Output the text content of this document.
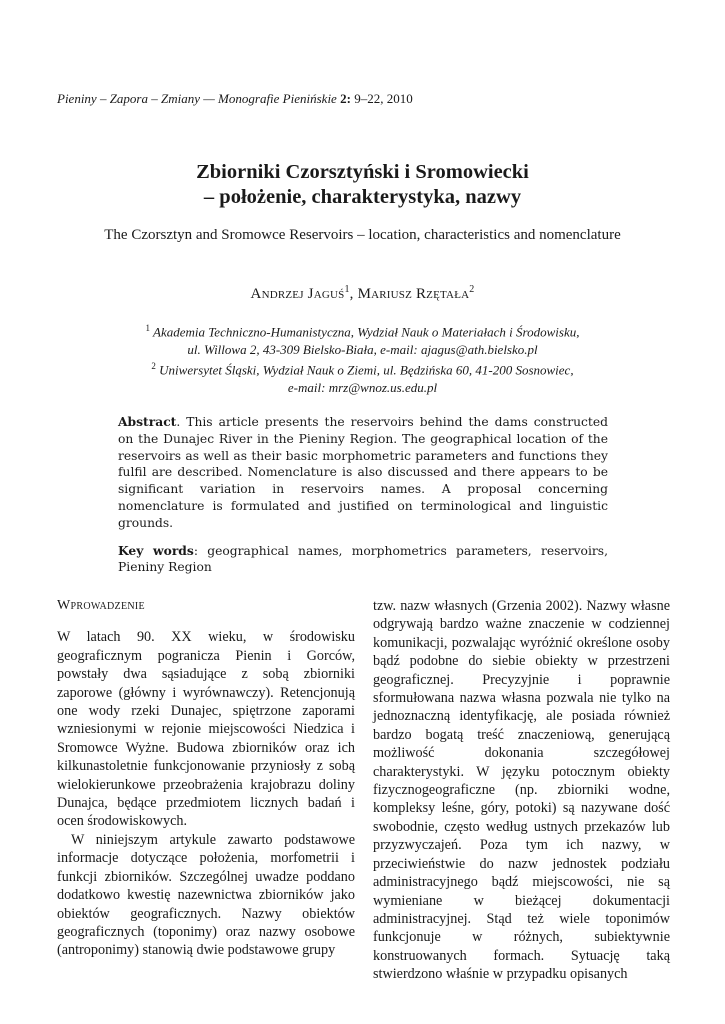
Pieniny – Zapora – Zmiany — Monografie Pienińskie 2: 9–22, 2010
Zbiorniki Czorsztyński i Sromowiecki
– położenie, charakterystyka, nazwy
The Czorsztyn and Sromowce Reservoirs – location, characteristics and nomenclature
Andrzej Jaguś$^1$, Mariusz Rzętała$^2$
$^1$ Akademia Techniczno-Humanistyczna, Wydział Nauk o Materiałach i Środowisku,
ul. Willowa 2, 43-309 Bielsko-Biała, e-mail: ajagus@ath.bielsko.pl
$^2$ Uniwersytet Śląski, Wydział Nauk o Ziemi, ul. Będzińska 60, 41-200 Sosnowiec,
e-mail: mrz@wnoz.us.edu.pl

Abstract. This article presents the reservoirs behind the dams constructed on the Dunajec River in the Pieniny Region. The geographical location of the reservoirs as well as their basic morphometric parameters and functions they fulfil are described. Nomenclature is also discussed and there appears to be significant variation in reservoirs names. A proposal concerning nomenclature is formulated and justified on terminological and linguistic grounds.

Key words: geographical names, morphometrics parameters, reservoirs, Pieniny Region

Wprowadzenie

W latach 90. XX wieku, w środowisku geograficznym pogranicza Pienin i Gorców, powstały dwa sąsiadujące z sobą zbiorniki zaporowe (główny i wyrównawczy). Retencjonują one wody rzeki Dunajec, spiętrzone zaporami wzniesionymi w rejonie miejscowości Niedzica i Sromowce Wyżne. Budowa zbiorników oraz ich kilkunastoletnie funkcjonowanie przyniosły z sobą wielokierunkowe przeobrażenia krajobrazu doliny Dunajca, będące przedmiotem licznych badań i ocen środowiskowych.

W niniejszym artykule zawarto podstawowe informacje dotyczące położenia, morfometrii i funkcji zbiorników. Szczególnej uwadze poddano dodatkowo kwestię nazewnictwa zbiorników jako obiektów geograficznych. Nazwy obiektów geograficznych (toponimy) oraz nazwy osobowe (antroponimy) stanowią dwie podstawowe grupy

tzw. nazw własnych (Grzenia 2002). Nazwy własne odgrywają bardzo ważne znaczenie w codziennej komunikacji, pozwalając wyróżnić określone osoby bądź podobne do siebie obiekty w przestrzeni geograficznej. Precyzyjnie i poprawnie sformułowana nazwa własna pozwala nie tylko na jednoznaczną identyfikację, ale posiada również bardzo bogatą treść znaczeniową, generującą możliwość dokonania szczegółowej charakterystyki. W języku potocznym obiekty fizycznogeograficzne (np. zbiorniki wodne, kompleksy leśne, góry, potoki) są nazywane dość swobodnie, często według ustnych przekazów lub przyzwyczajeń. Poza tym ich nazwy, w przeciwieństwie do nazw jednostek podziału administracyjnego bądź miejscowości, nie są wymieniane w bieżącej dokumentacji administracyjnej. Stąd też wiele toponimów funkcjonuje w różnych, subiektywnie konstruowanych formach. Sytuację taką stwierdzono właśnie w przypadku opisanych
